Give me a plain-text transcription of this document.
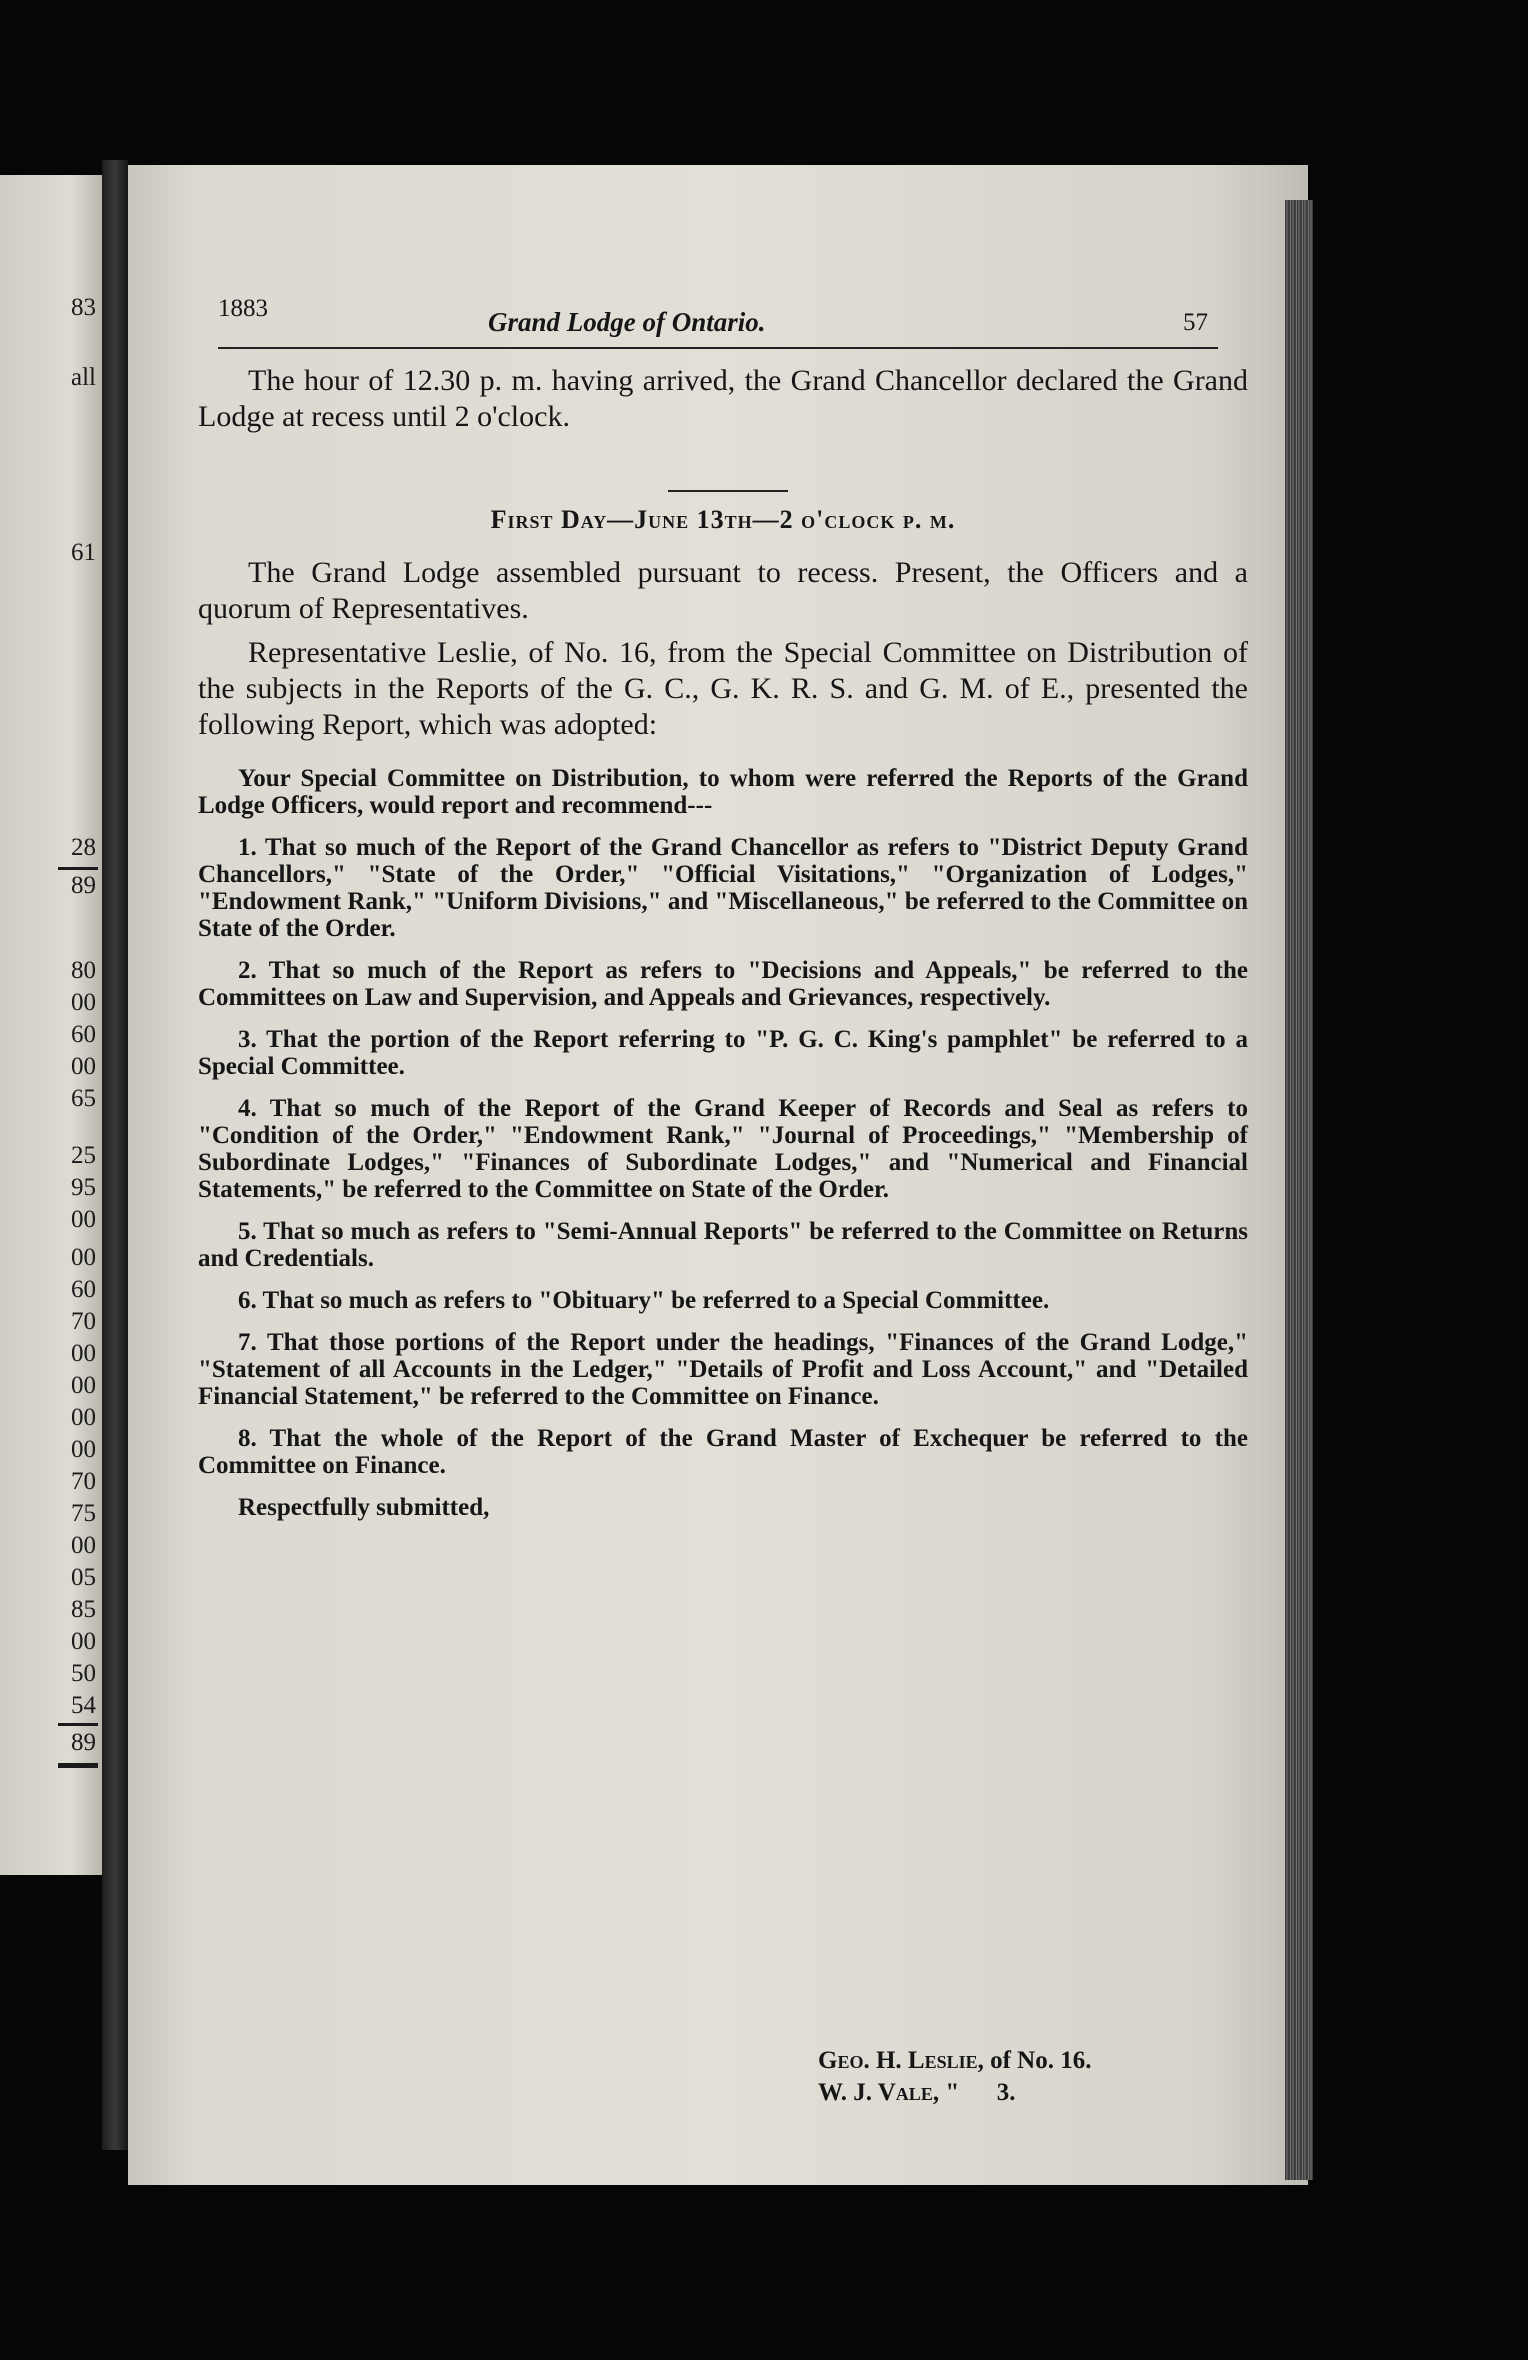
83
all
61
28
89
80
00
60
00
65
25
95
00
00
60
70
00
00
00
00
70
75
00
05
85
00
50
54
89
1883	Grand Lodge of Ontario.	57

The hour of 12.30 p. m. having arrived, the Grand Chancellor declared the Grand Lodge at recess until 2 o'clock.

First Day—June 13th—2 o'clock p. m.

The Grand Lodge assembled pursuant to recess. Present, the Officers and a quorum of Representatives.

Representative Leslie, of No. 16, from the Special Committee on Distribution of the subjects in the Reports of the G. C., G. K. R. S. and G. M. of E., presented the following Report, which was adopted:

Your Special Committee on Distribution, to whom were referred the Reports of the Grand Lodge Officers, would report and recommend---

1. That so much of the Report of the Grand Chancellor as refers to "District Deputy Grand Chancellors," "State of the Order," "Official Visitations," "Organization of Lodges," "Endowment Rank," "Uniform Divisions," and "Miscellaneous," be referred to the Committee on State of the Order.

2. That so much of the Report as refers to "Decisions and Appeals," be referred to the Committees on Law and Supervision, and Appeals and Grievances, respectively.

3. That the portion of the Report referring to "P. G. C. King's pamphlet" be referred to a Special Committee.

4. That so much of the Report of the Grand Keeper of Records and Seal as refers to "Condition of the Order," "Endowment Rank," "Journal of Proceedings," "Membership of Subordinate Lodges," "Finances of Subordinate Lodges," and "Numerical and Financial Statements," be referred to the Committee on State of the Order.

5. That so much as refers to "Semi-Annual Reports" be referred to the Committee on Returns and Credentials.

6. That so much as refers to "Obituary" be referred to a Special Committee.

7. That those portions of the Report under the headings, "Finances of the Grand Lodge," "Statement of all Accounts in the Ledger," "Details of Profit and Loss Account," and "Detailed Financial Statement," be referred to the Committee on Finance.

8. That the whole of the Report of the Grand Master of Exchequer be referred to the Committee on Finance.

Respectfully submitted,

Geo. H. Leslie, of No. 16.
W. J. Vale, "      3.
